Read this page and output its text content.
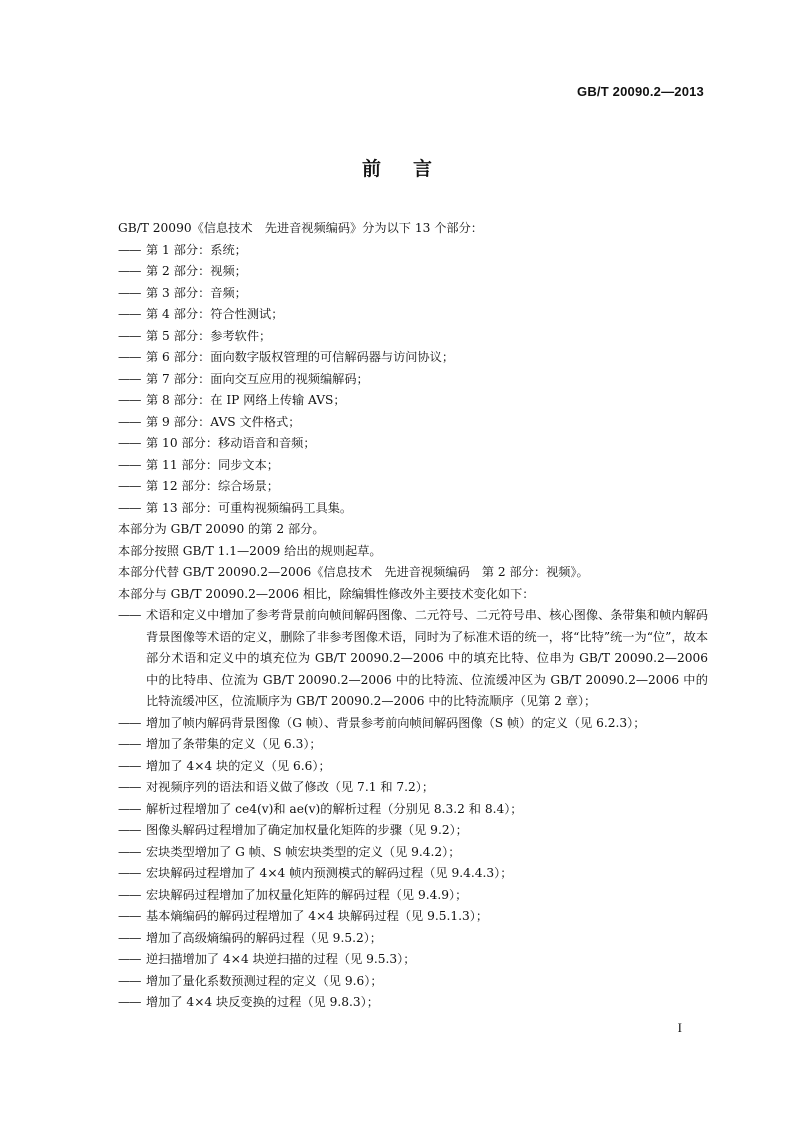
GB/T 20090.2—2013
前言

GB/T 20090《信息技术　先进音视频编码》分为以下 13 个部分：

—— 第 1 部分：系统；
—— 第 2 部分：视频；
—— 第 3 部分：音频；
—— 第 4 部分：符合性测试；
—— 第 5 部分：参考软件；
—— 第 6 部分：面向数字版权管理的可信解码器与访问协议；
—— 第 7 部分：面向交互应用的视频编解码；
—— 第 8 部分：在 IP 网络上传输 AVS；
—— 第 9 部分：AVS 文件格式；
—— 第 10 部分：移动语音和音频；
—— 第 11 部分：同步文本；
—— 第 12 部分：综合场景；
—— 第 13 部分：可重构视频编码工具集。

本部分为 GB/T 20090 的第 2 部分。

本部分按照 GB/T 1.1—2009 给出的规则起草。

本部分代替 GB/T 20090.2—2006《信息技术　先进音视频编码　第 2 部分：视频》。

本部分与 GB/T 20090.2—2006 相比，除编辑性修改外主要技术变化如下：

—— 术语和定义中增加了参考背景前向帧间解码图像、二元符号、二元符号串、核心图像、条带集和帧内解码背景图像等术语的定义，删除了非参考图像术语，同时为了标准术语的统一，将“比特”统一为“位”，故本部分术语和定义中的填充位为 GB/T 20090.2—2006 中的填充比特、位串为 GB/T 20090.2—2006 中的比特串、位流为 GB/T 20090.2—2006 中的比特流、位流缓冲区为 GB/T 20090.2—2006 中的比特流缓冲区，位流顺序为 GB/T 20090.2—2006 中的比特流顺序（见第 2 章）；
—— 增加了帧内解码背景图像（G 帧）、背景参考前向帧间解码图像（S 帧）的定义（见 6.2.3）；
—— 增加了条带集的定义（见 6.3）；
—— 增加了 4×4 块的定义（见 6.6）；
—— 对视频序列的语法和语义做了修改（见 7.1 和 7.2）；
—— 解析过程增加了 ce4(v)和 ae(v)的解析过程（分别见 8.3.2 和 8.4）；
—— 图像头解码过程增加了确定加权量化矩阵的步骤（见 9.2）；
—— 宏块类型增加了 G 帧、S 帧宏块类型的定义（见 9.4.2）；
—— 宏块解码过程增加了 4×4 帧内预测模式的解码过程（见 9.4.4.3）；
—— 宏块解码过程增加了加权量化矩阵的解码过程（见 9.4.9）；
—— 基本熵编码的解码过程增加了 4×4 块解码过程（见 9.5.1.3）；
—— 增加了高级熵编码的解码过程（见 9.5.2）；
—— 逆扫描增加了 4×4 块逆扫描的过程（见 9.5.3）；
—— 增加了量化系数预测过程的定义（见 9.6）；
—— 增加了 4×4 块反变换的过程（见 9.8.3）；
I
